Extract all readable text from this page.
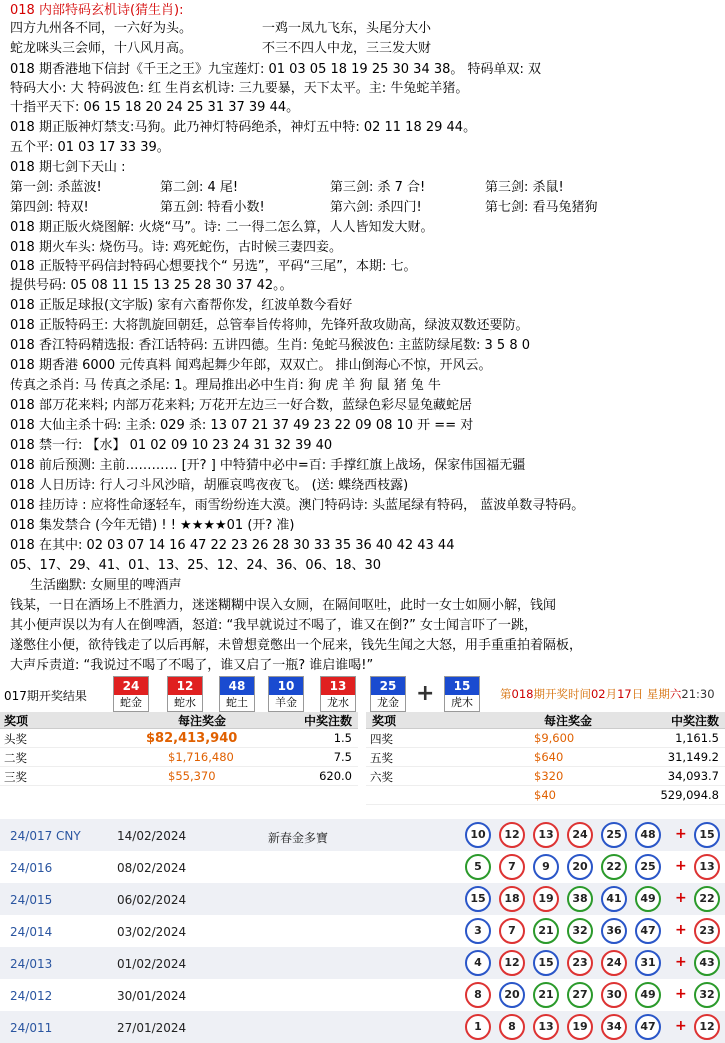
018 内部特码玄机诗(猜生肖):
四方九州各不同，一六好为头。	一鸡一凤九飞东，头尾分大小
蛇龙咪头三会师，十八风月高。	不三不四人中龙，三三发大财
018 期香港地下信封《千王之王》九宝莲灯: 01 03 05 18 19 25 30 34 38。 特码单双: 双
特码大小: 大 特码波色: 红 生肖玄机诗: 三九要暴，天下太平。主: 牛兔蛇羊猪。
十指平天下: 06 15 18 20 24 25 31 37 39 44。
018 期正版神灯禁支:马狗。此乃神灯特码绝杀，神灯五中特: 02 11 18 29 44。
五个平: 01 03 17 33 39。
018 期七剑下天山 :
第一剑: 杀蓝波!	第二剑: 4 尾!	第三剑: 杀 7 合!	第三剑: 杀鼠!
第四剑: 特双!	第五剑: 特看小数!	第六剑: 杀四门!	第七剑: 看马兔猪狗
018 期正版火烧图解: 火烧“马”。诗: 二一得二怎么算，人人皆知发大财。
018 期火车头: 烧伤马。诗: 鸡死蛇伤，古时候三妻四妾。
018 正版特平码信封特码心想要找个“ 另选”，平码“三尾”，本期: 七。
提供号码: 05 08 11 15 13 25 28 30 37 42。。
018 正版足球报(文字版) 家有六畜帮你发，红波单数今看好
018 正版特码王: 大将凯旋回朝廷，总管奉旨传将帅，先锋歼敌攻勋高，绿波双数还要防。
018 香江特码精选报: 香江话特码: 五讲四德。生肖: 兔蛇马猴波色: 主蓝防绿尾数: 3 5 8 0
018 期香港 6000 元传真料 闻鸡起舞少年郎，双双亡。 排山倒海心不惊，开风云。
传真之杀肖: 马 传真之杀尾: 1。理局推出必中生肖: 狗 虎 羊 狗 鼠 猪 兔 牛
018 部万花来料; 内部万花来料; 万花开左边三一好合数，蓝绿色彩尽显兔藏蛇居
018 大仙主杀十码: 主杀: 029 杀: 13 07 21 37 49 23 22 09 08 10 开 == 对
018 禁一行: 【水】 01 02 09 10 23 24 31 32 39 40
018 前后预测: 主前………… [开? ] 中特猜中必中=百: 手撑红旗上战场，保家伟国福无疆
018 人日历诗: 行人刁斗风沙暗，胡雁哀鸣夜夜飞。 (送: 蝶绕西枝露)
018 挂历诗 : 应将性命逐轻车，雨雪纷纷连大漠。澳门特码诗: 头蓝尾绿有特码， 蓝波单数寻特码。
018 集发禁合 (今年无错) ! ! ★★★★01 (开? 准)
018 在其中: 02 03 07 14 16 47 22 23 26 28 30 33 35 36 40 42 43 44
05、17、29、41、01、13、25、12、24、36、06、18、30
生活幽默: 女厕里的啤酒声
钱某，一日在酒场上不胜酒力，迷迷糊糊中误入女厕，在隔间呕吐，此时一女士如厕小解，钱闻
其小便声误以为有人在倒啤酒，怒道: “我早就说过不喝了，谁又在倒?” 女士闻言吓了一跳，
遂憋住小便，欲待钱走了以后再解，未曾想竟憋出一个屁来，钱先生闻之大怒，用手重重拍着隔板，
大声斥责道: “我说过不喝了不喝了，谁又启了一瓶? 谁启谁喝!”
017期开奖结果
24
蛇金
12
蛇水
48
蛇土
10
羊金
13
龙水
25
龙金
15
虎木
+	第018期开奖时间02月17日 星期六21:30
奖项	每注奖金	中奖注数
头奖	$82,413,940	1.5
二奖	$1,716,480	7.5
三奖	$55,370	620.0
奖项	每注奖金	中奖注数
四奖	$9,600	1,161.5
五奖	$640	31,149.2
六奖	$320	34,093.7
$40	529,094.8
24/017 CNY	14/02/2024	新春金多寶	10	12	13	24	25	48	+	15
24/016	08/02/2024	5	7	9	20	22	25	+	13
24/015	06/02/2024	15	18	19	38	41	49	+	22
24/014	03/02/2024	3	7	21	32	36	47	+	23
24/013	01/02/2024	4	12	15	23	24	31	+	43
24/012	30/01/2024	8	20	21	27	30	49	+	32
24/011	27/01/2024	1	8	13	19	34	47	+	12
